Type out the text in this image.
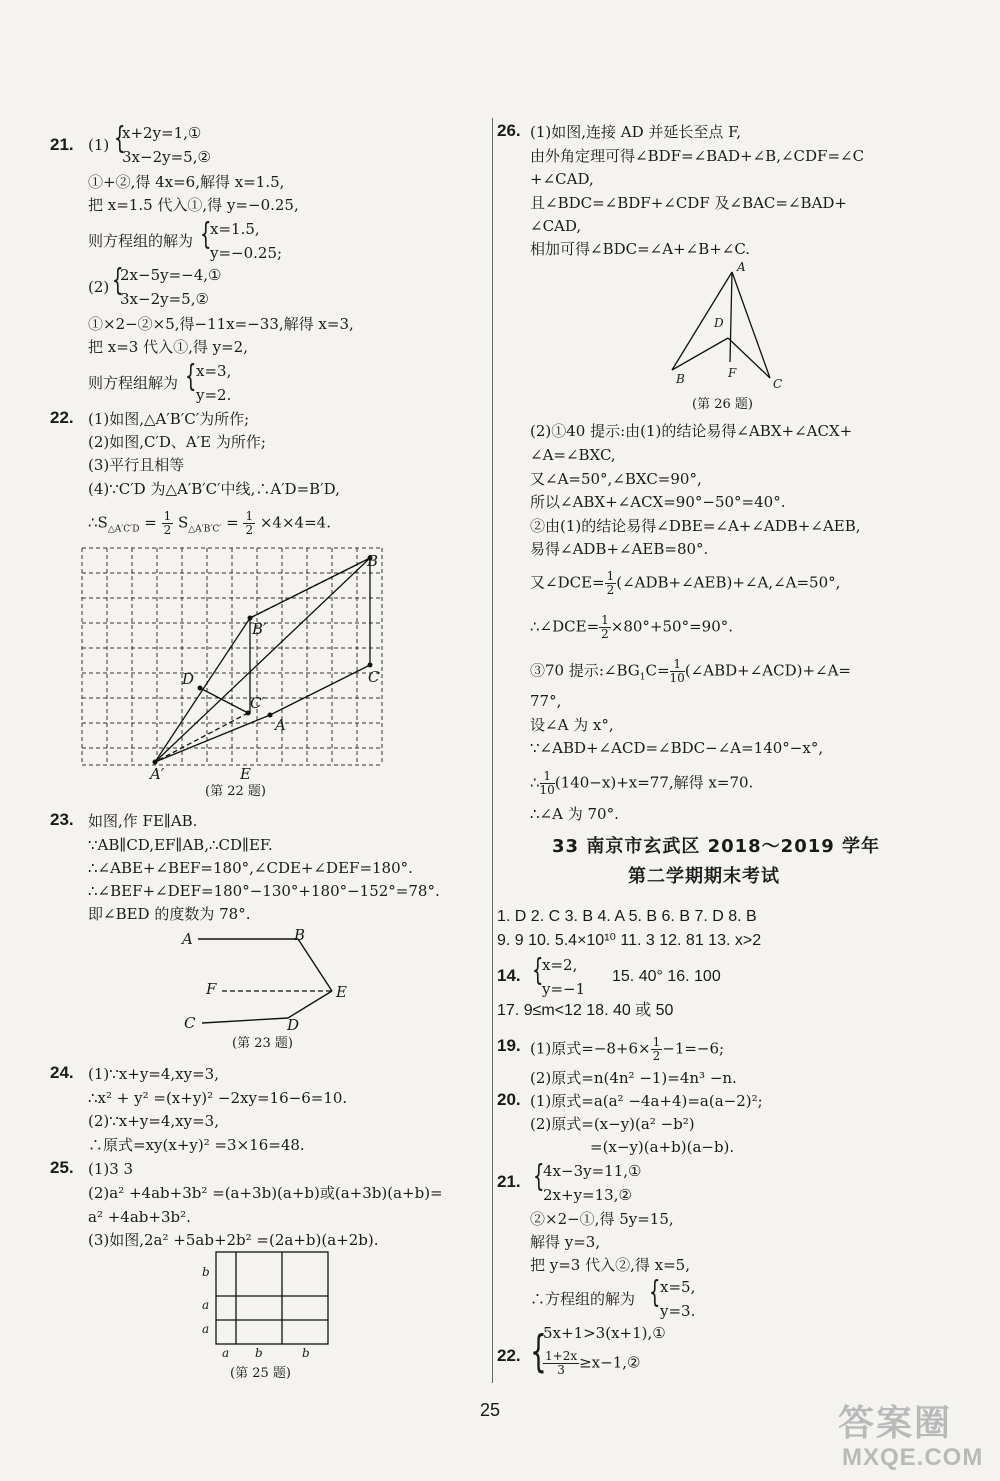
21. (1) {
x+2y=1,①
3x−2y=5,②
①+②,得 4x=6,解得 x=1.5,
把 x=1.5 代入①,得 y=−0.25,
则方程组的解为 {
x=1.5,
y=−0.25;
(2) {
2x−5y=−4,①
3x−2y=5,②
①×2−②×5,得−11x=−33,解得 x=3,
把 x=3 代入①,得 y=2,
则方程组解为 { x=3,
y=2.
22. (1)如图,△A′B′C′为所作;
(2)如图,C′D、A′E 为所作;
(3)平行且相等
(4)∵C′D 为△A′B′C′中线,∴A′D=B′D,
$\therefore S_{\triangle A'C'D} = \frac{1}{2} S_{\triangle A'B'C'} = \frac{1}{2} \times 4\times 4=4$.
B
B′
D	C
C′
A
A′	E
(第 22 题)
23. 如图,作 FE∥AB.
∵AB∥CD,EF∥AB,∴CD∥EF.
∴∠ABE+∠BEF=180°,∠CDE+∠DEF=180°.
∴∠BEF+∠DEF=180°−130°+180°−152°=78°.
即∠BED 的度数为 78°.
A	B
F	E
C	D
(第 23 题)
24. (1)∵x+y=4,xy=3,
∴x² + y² =(x+y)² −2xy=16−6=10.
(2)∵x+y=4,xy=3,
∴原式=xy(x+y)² =3×16=48.
25. (1)3 3
(2)a² +4ab+3b² =(a+3b)(a+b)或(a+3b)(a+b)=
a² +4ab+3b².
(3)如图,2a² +5ab+2b² =(2a+b)(a+2b).
b
a
a
a b	b
(第 25 题)
26. (1)如图,连接 AD 并延长至点 F,
由外角定理可得∠BDF=∠BAD+∠B,∠CDF=∠C
+∠CAD,
且∠BDC=∠BDF+∠CDF 及∠BAC=∠BAD+
∠CAD,
相加可得∠BDC=∠A+∠B+∠C.
A
D
B	F
C
(第 26 题)
(2)①40 提示:由(1)的结论易得∠ABX+∠ACX+
∠A=∠BXC,
又∠A=50°,∠BXC=90°,
所以∠ABX+∠ACX=90°−50°=40°.
②由(1)的结论易得∠DBE=∠A+∠ADB+∠AEB,
易得∠ADB+∠AEB=80°.
又∠DCE= $\frac{1}{2}$ (∠ADB+∠AEB)+∠A,∠A=50°,
∴∠DCE= $\frac{1}{2} \times 80^\circ+50^\circ=90^\circ$.
③70 提示$:\angle BG_1C= \frac{1}{10}$ (∠ABD+∠ACD)+∠A=
77°,
设∠A 为 x°,
∵∠ABD+∠ACD=∠BDC−∠A=140°−x°,
∴ $\frac{1}{10} (140-x)+x=77$,解得 x=70.
∴∠A 为 70°.
33 南京市玄武区 2018～2019 学年
第二学期期末考试
1. D 2. C 3. B 4. A 5. B 6. B 7. D 8. B
9. 9 10. 5.4×10¹⁰ 11. 3 12. 81 13. x>2
14. {
x=2,
y=−1
15. 40° 16. 100
17. 9≤m<12 18. 40 或 50
19. (1)原式$=-8+6\times \frac{1}{2} -1=-6$;
(2)原式=n(4n² −1)=4n³ −n.
20. (1)原式=a(a² −4a+4)=a(a−2)²;
(2)原式=(x−y)(a² −b²)
=(x−y)(a+b)(a−b).
21. {
4x−3y=11,①
2x+y=13,②
②×2−①,得 5y=15,
解得 y=3,
把 y=3 代入②,得 x=5,
∴方程组的解为 { x=5,
y=3.
22. {
5x+1>3(x+1),①
$\frac{1+2x}{3}$ ≥x−1,②
25	答案圈
MXQE.COM
